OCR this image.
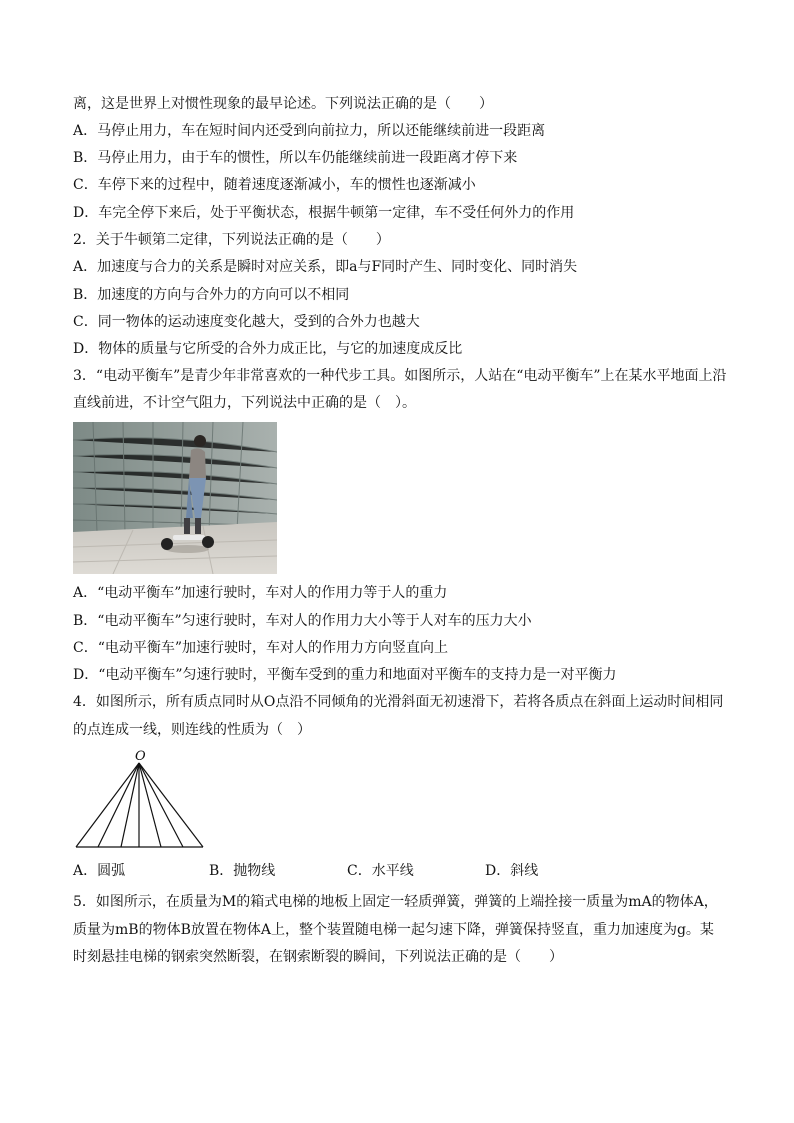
离，这是世界上对惯性现象的最早论述。下列说法正确的是（　　）
A．马停止用力，车在短时间内还受到向前拉力，所以还能继续前进一段距离
B．马停止用力，由于车的惯性，所以车仍能继续前进一段距离才停下来
C．车停下来的过程中，随着速度逐渐减小，车的惯性也逐渐减小
D．车完全停下来后，处于平衡状态，根据牛顿第一定律，车不受任何外力的作用
2．关于牛顿第二定律，下列说法正确的是（　　）
A．加速度与合力的关系是瞬时对应关系，即a与F同时产生、同时变化、同时消失
B．加速度的方向与合外力的方向可以不相同
C．同一物体的运动速度变化越大，受到的合外力也越大
D．物体的质量与它所受的合外力成正比，与它的加速度成反比
3．“电动平衡车”是青少年非常喜欢的一种代步工具。如图所示，人站在“电动平衡车”上在某水平地面上沿
直线前进，不计空气阻力，下列说法中正确的是（　）。
A．“电动平衡车”加速行驶时，车对人的作用力等于人的重力
B．“电动平衡车”匀速行驶时，车对人的作用力大小等于人对车的压力大小
C．“电动平衡车”加速行驶时，车对人的作用力方向竖直向上
D．“电动平衡车”匀速行驶时，平衡车受到的重力和地面对平衡车的支持力是一对平衡力
4．如图所示，所有质点同时从O点沿不同倾角的光滑斜面无初速滑下，若将各质点在斜面上运动时间相同
的点连成一线，则连线的性质为（　）
O
A．圆弧	B．抛物线	C．水平线	D．斜线
5．如图所示，在质量为M的箱式电梯的地板上固定一轻质弹簧，弹簧的上端拴接一质量为mA的物体A，
质量为mB的物体B放置在物体A上，整个装置随电梯一起匀速下降，弹簧保持竖直，重力加速度为g。某
时刻悬挂电梯的钢索突然断裂，在钢索断裂的瞬间，下列说法正确的是（　　）
